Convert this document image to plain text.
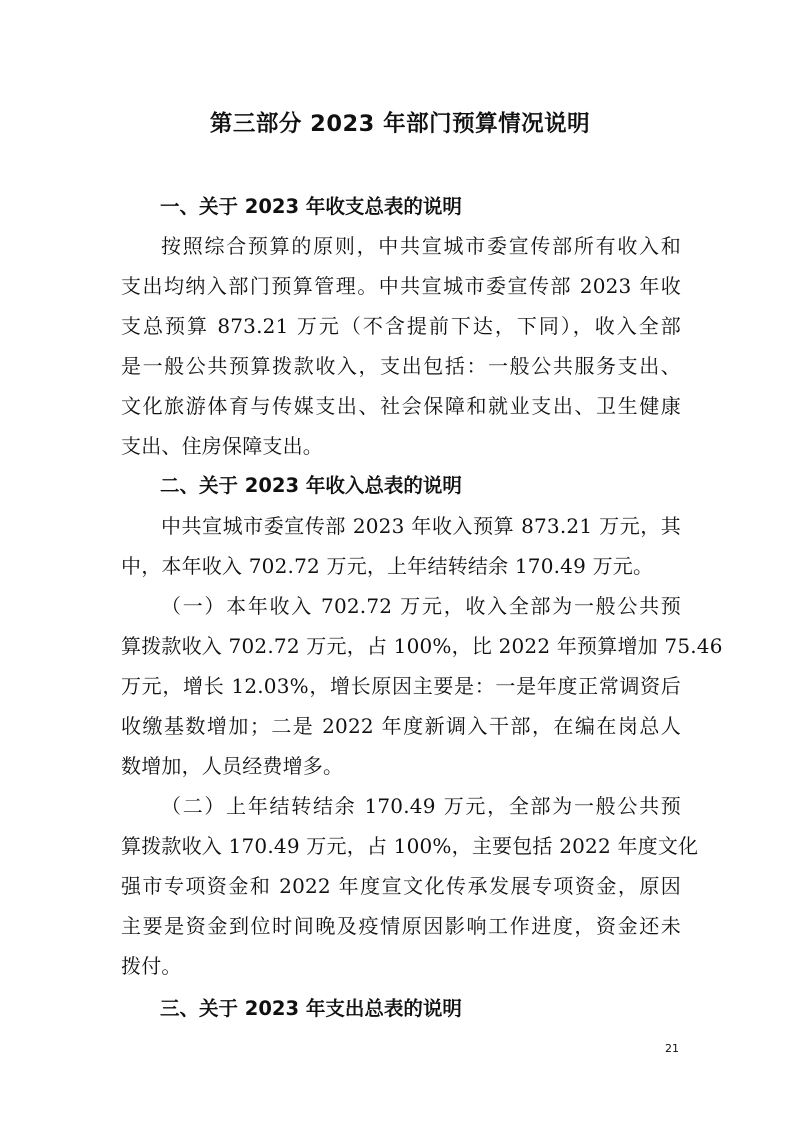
第三部分 2023 年部门预算情况说明
一、关于 2023 年收支总表的说明
按照综合预算的原则，中共宣城市委宣传部所有收入和
支出均纳入部门预算管理。中共宣城市委宣传部 2023 年收
支总预算 873.21 万元（不含提前下达，下同），收入全部
是一般公共预算拨款收入，支出包括：一般公共服务支出、
文化旅游体育与传媒支出、社会保障和就业支出、卫生健康
支出、住房保障支出。
二、关于 2023 年收入总表的说明
中共宣城市委宣传部 2023 年收入预算 873.21 万元，其
中，本年收入 702.72 万元，上年结转结余 170.49 万元。
（一）本年收入 702.72 万元，收入全部为一般公共预
算拨款收入 702.72 万元，占 100%，比 2022 年预算增加 75.46
万元，增长 12.03%，增长原因主要是：一是年度正常调资后
收缴基数增加；二是 2022 年度新调入干部，在编在岗总人
数增加，人员经费增多。
（二）上年结转结余 170.49 万元，全部为一般公共预
算拨款收入 170.49 万元，占 100%，主要包括 2022 年度文化
强市专项资金和 2022 年度宣文化传承发展专项资金，原因
主要是资金到位时间晚及疫情原因影响工作进度，资金还未
拨付。
三、关于 2023 年支出总表的说明
21
